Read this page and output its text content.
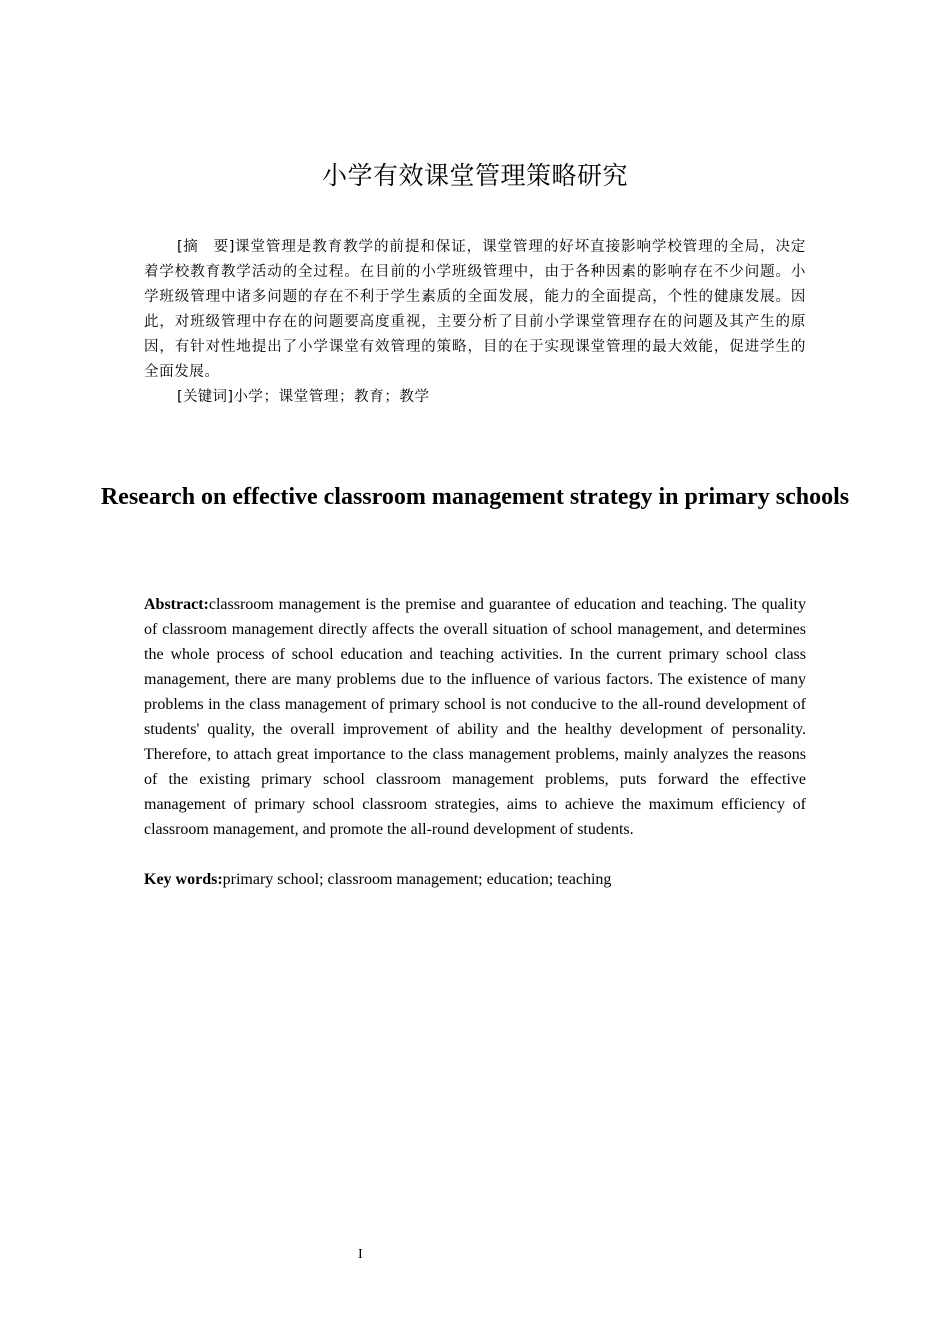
小学有效课堂管理策略研究

[摘　要]课堂管理是教育教学的前提和保证，课堂管理的好坏直接影响学校管理的全局，决定着学校教育教学活动的全过程。在目前的小学班级管理中，由于各种因素的影响存在不少问题。小学班级管理中诸多问题的存在不利于学生素质的全面发展，能力的全面提高，个性的健康发展。因此，对班级管理中存在的问题要高度重视，主要分析了目前小学课堂管理存在的问题及其产生的原因，有针对性地提出了小学课堂有效管理的策略，目的在于实现课堂管理的最大效能，促进学生的全面发展。

[关键词]小学；课堂管理；教育；教学

Research on effective classroom management strategy in primary schools

Abstract:classroom management is the premise and guarantee of education and teaching. The quality of classroom management directly affects the overall situation of school management, and determines the whole process of school education and teaching activities. In the current primary school class management, there are many problems due to the influence of various factors. The existence of many problems in the class management of primary school is not conducive to the all-round development of students' quality, the overall improvement of ability and the healthy development of personality. Therefore, to attach great importance to the class management problems, mainly analyzes the reasons of the existing primary school classroom management problems, puts forward the effective management of primary school classroom strategies, aims to achieve the maximum efficiency of classroom management, and promote the all-round development of students.

Key words:primary school; classroom management; education; teaching

I
